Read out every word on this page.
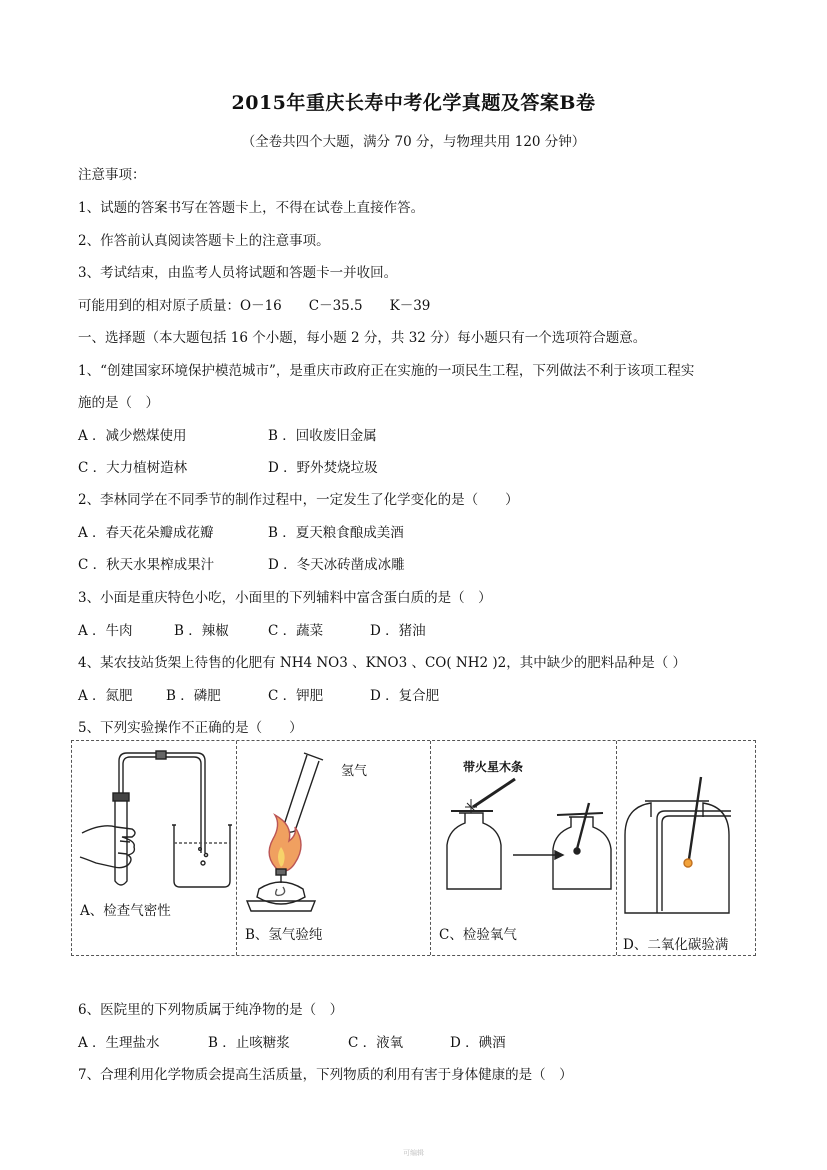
2015年重庆长寿中考化学真题及答案B卷
（全卷共四个大题，满分 70 分，与物理共用 120 分钟）
注意事项：
1、试题的答案书写在答题卡上，不得在试卷上直接作答。
2、作答前认真阅读答题卡上的注意事项。
3、考试结束，由监考人员将试题和答题卡一并收回。
可能用到的相对原子质量：O－16　　C－35.5　　K－39
一、选择题（本大题包括 16 个小题，每小题 2 分，共 32 分）每小题只有一个选项符合题意。
1、“创建国家环境保护模范城市”，是重庆市政府正在实施的一项民生工程，下列做法不利于该项工程实
施的是（　）
A ．减少燃煤使用	B ．回收废旧金属
C ．大力植树造林	D ．野外焚烧垃圾
2、李林同学在不同季节的制作过程中，一定发生了化学变化的是（　　）
A ．春天花朵瓣成花瓣	B ．夏天粮食酿成美酒
C ．秋天水果榨成果汁	D ．冬天冰砖凿成冰雕
3、小面是重庆特色小吃，小面里的下列辅料中富含蛋白质的是（　）
A ．牛肉	B ．辣椒	C ．蔬菜	D ．猪油
4、某农技站货架上待售的化肥有 NH4 NO3 、KNO3 、CO( NH2 )2，其中缺少的肥料品种是（ ）
A ．氮肥 B ．磷肥	C ．钾肥	D ．复合肥
5、下列实验操作不正确的是（　　）
A、检查气密性
氢气
B、氢气验纯
带火星木条
C、检验氧气
D、二氧化碳验满
6、医院里的下列物质属于纯净物的是（　）
A ．生理盐水	B ．止咳糖浆	C ．液氧	D ．碘酒
7、合理利用化学物质会提高生活质量，下列物质的利用有害于身体健康的是（　）
可编辑
